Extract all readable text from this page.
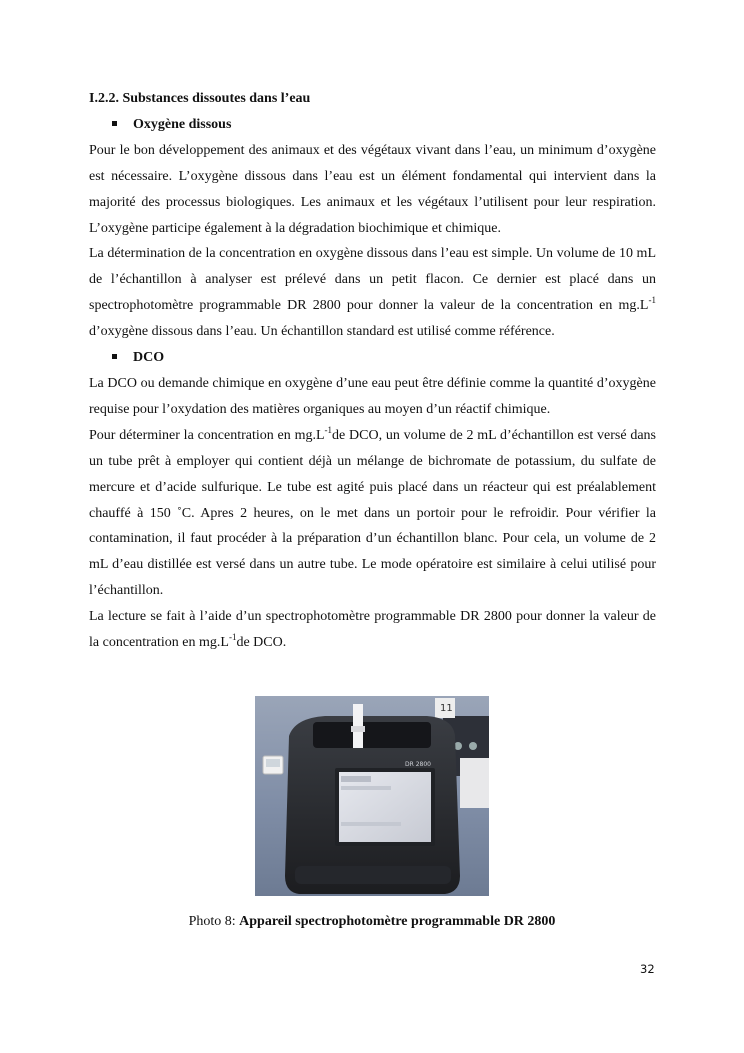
I.2.2. Substances dissoutes dans l’eau
Oxygène dissous

Pour le bon développement des animaux et des végétaux vivant dans l’eau, un minimum d’oxygène est nécessaire. L’oxygène dissous dans l’eau est un élément fondamental qui intervient dans la majorité des processus biologiques. Les animaux et les végétaux l’utilisent pour leur respiration. L’oxygène participe également à la dégradation biochimique et chimique.

La détermination de la concentration en oxygène dissous dans l’eau est simple. Un volume de 10 mL de l’échantillon à analyser est prélevé dans un petit flacon. Ce dernier est placé dans un spectrophotomètre programmable DR 2800 pour donner la valeur de la concentration en $mg.L^{-1}$ d’oxygène dissous dans l’eau. Un échantillon standard est utilisé comme référence.

DCO

La DCO ou demande chimique en oxygène d’une eau peut être définie comme la quantité d’oxygène requise pour l’oxydation des matières organiques au moyen d’un réactif chimique.

Pour déterminer la concentration en $mg.L^{-1}de$ DCO, un volume de 2 mL d’échantillon est versé dans un tube prêt à employer qui contient déjà un mélange de bichromate de potassium, du sulfate de mercure et d’acide sulfurique. Le tube est agité puis placé dans un réacteur qui est préalablement chauffé à 150 ˚C. Apres 2 heures, on le met dans un portoir pour le refroidir. Pour vérifier la contamination, il faut procéder à la préparation d’un échantillon blanc. Pour cela, un volume de 2 mL d’eau distillée est versé dans un autre tube. Le mode opératoire est similaire à celui utilisé pour l’échantillon.

La lecture se fait à l’aide d’un spectrophotomètre programmable DR 2800 pour donner la valeur de la concentration en $mg.L^{-1}de$ DCO.

DR 2800
11
Photo 8: Appareil spectrophotomètre programmable DR 2800
32
